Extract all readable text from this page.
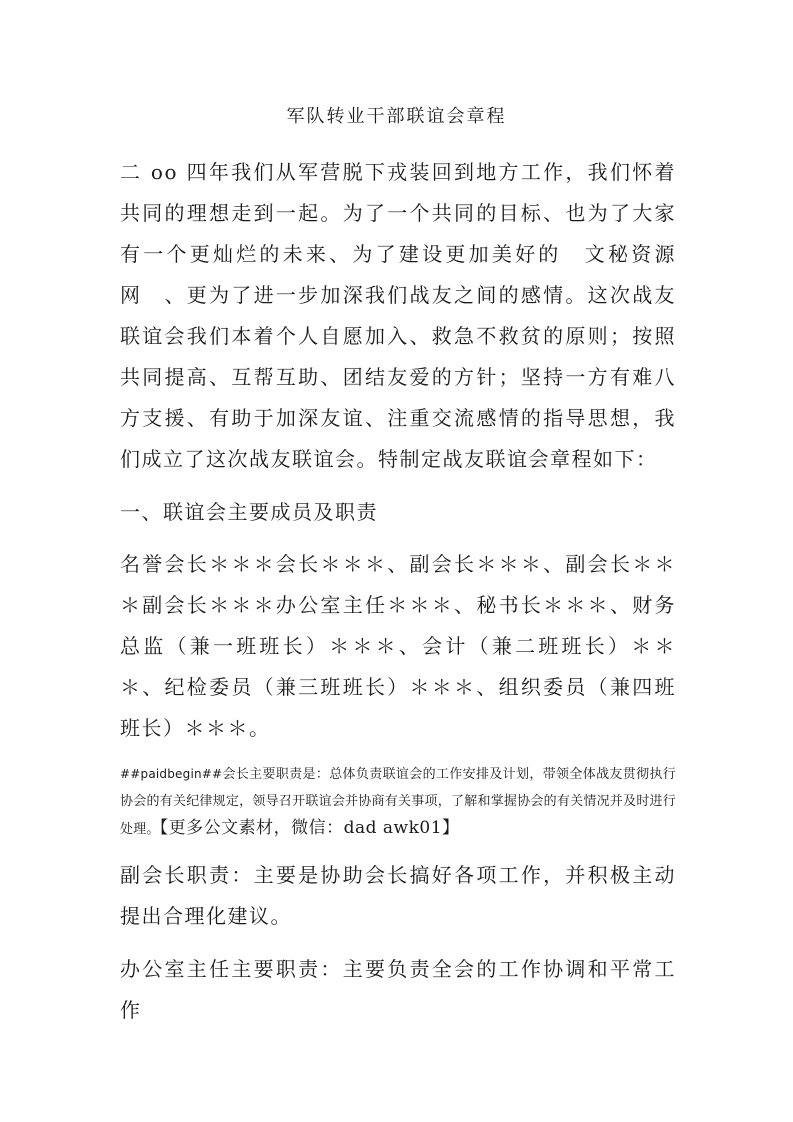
军队转业干部联谊会章程

二 oo 四年我们从军营脱下戎装回到地方工作，我们怀着共同的理想走到一起。为了一个共同的目标、也为了大家有一个更灿烂的未来、为了建设更加美好的　文秘资源网　、更为了进一步加深我们战友之间的感情。这次战友联谊会我们本着个人自愿加入、救急不救贫的原则；按照共同提高、互帮互助、团结友爱的方针；坚持一方有难八方支援、有助于加深友谊、注重交流感情的指导思想，我们成立了这次战友联谊会。特制定战友联谊会章程如下：

一、联谊会主要成员及职责

名誉会长＊＊＊会长＊＊＊、副会长＊＊＊、副会长＊＊＊副会长＊＊＊办公室主任＊＊＊、秘书长＊＊＊、财务总监（兼一班班长）＊＊＊、会计（兼二班班长）＊＊＊、纪检委员（兼三班班长）＊＊＊、组织委员（兼四班班长）＊＊＊。

##paidbegin##会长主要职责是：总体负责联谊会的工作安排及计划，带领全体战友贯彻执行协会的有关纪律规定，领导召开联谊会并协商有关事项，了解和掌握协会的有关情况并及时进行处理。【更多公文素材，微信：dad awk01】

副会长职责：主要是协助会长搞好各项工作，并积极主动提出合理化建议。

办公室主任主要职责：主要负责全会的工作协调和平常工作
